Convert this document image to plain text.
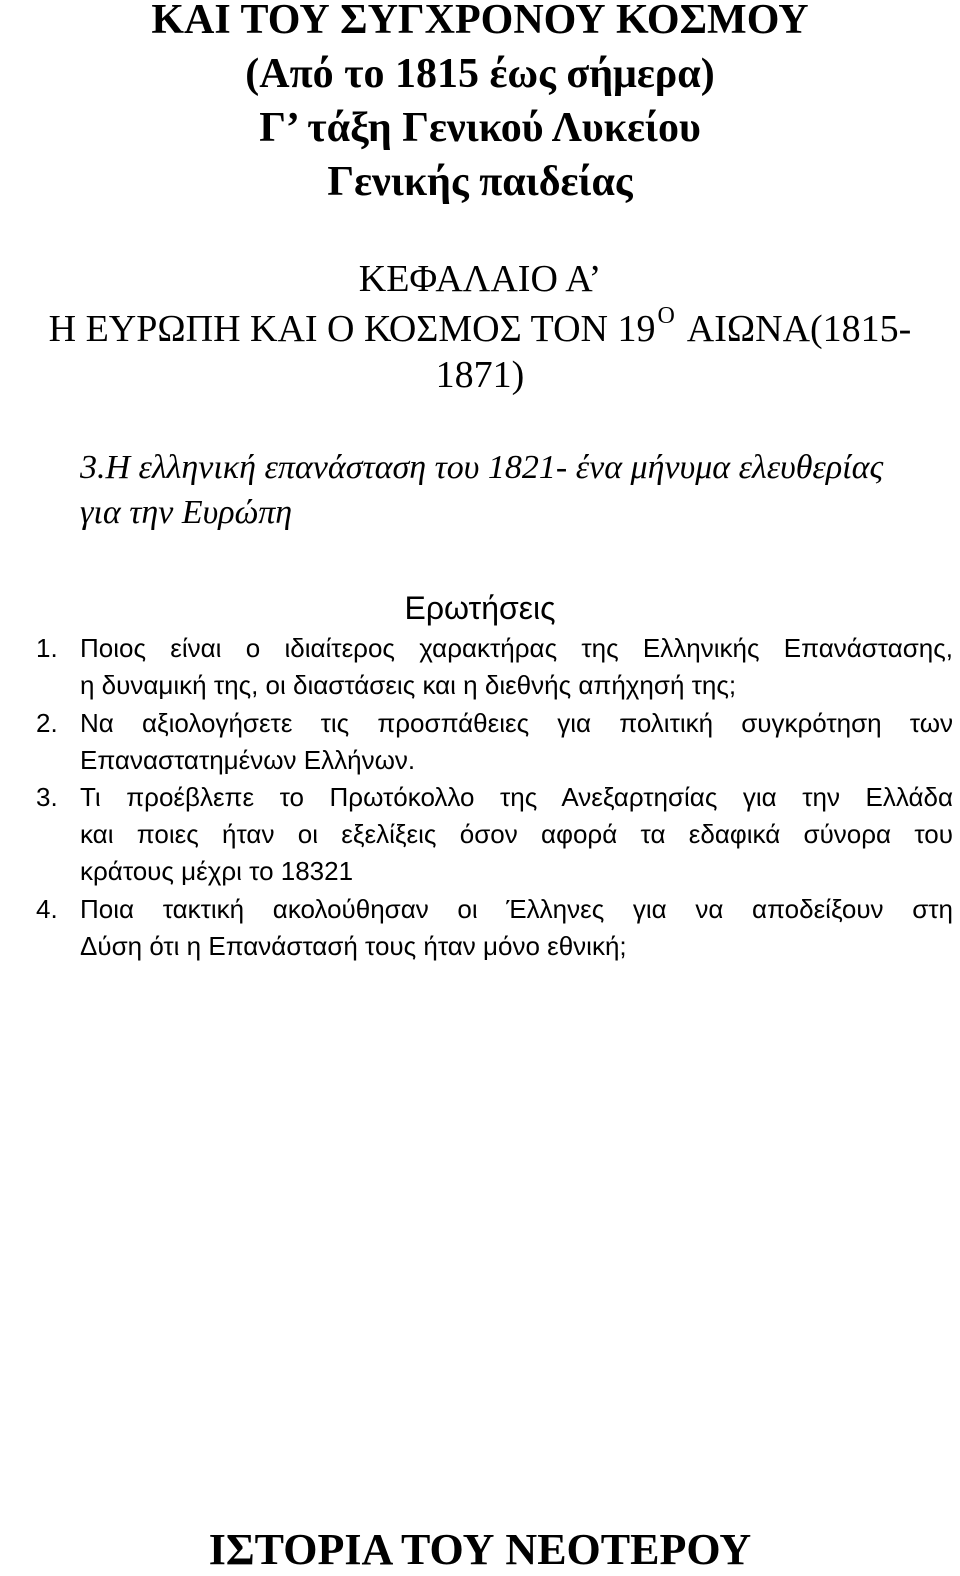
ΚΑΙ ΤΟΥ ΣΥΓΧΡΟΝΟΥ ΚΟΣΜΟΥ
(Από το 1815 έως σήμερα)
Γ’ τάξη Γενικού Λυκείου
Γενικής παιδείας
ΚΕΦΑΛΑΙΟ Α’
Η ΕΥΡΩΠΗ ΚΑΙ Ο ΚΟΣΜΟΣ ΤΟΝ $19^O$ ΑΙΩΝΑ(1815-
1871)
3.Η ελληνική επανάσταση του 1821- ένα μήνυμα ελευθερίας
για την Ευρώπη
Ερωτήσεις
1. Ποιος είναι ο ιδιαίτερος χαρακτήρας της Ελληνικής Επανάστασης,
η δυναμική της, οι διαστάσεις και η διεθνής απήχησή της;
2. Να αξιολογήσετε τις προσπάθειες για πολιτική συγκρότηση των
Επαναστατημένων Ελλήνων.
3. Τι προέβλεπε το Πρωτόκολλο της Ανεξαρτησίας για την Ελλάδα
και ποιες ήταν οι εξελίξεις όσον αφορά τα εδαφικά σύνορα του
κράτους μέχρι το 18321
4. Ποια τακτική ακολούθησαν οι Έλληνες για να αποδείξουν στη
Δύση ότι η Επανάστασή τους ήταν μόνο εθνική;
ΙΣΤΟΡΙΑ ΤΟΥ ΝΕΟΤΕΡΟΥ
